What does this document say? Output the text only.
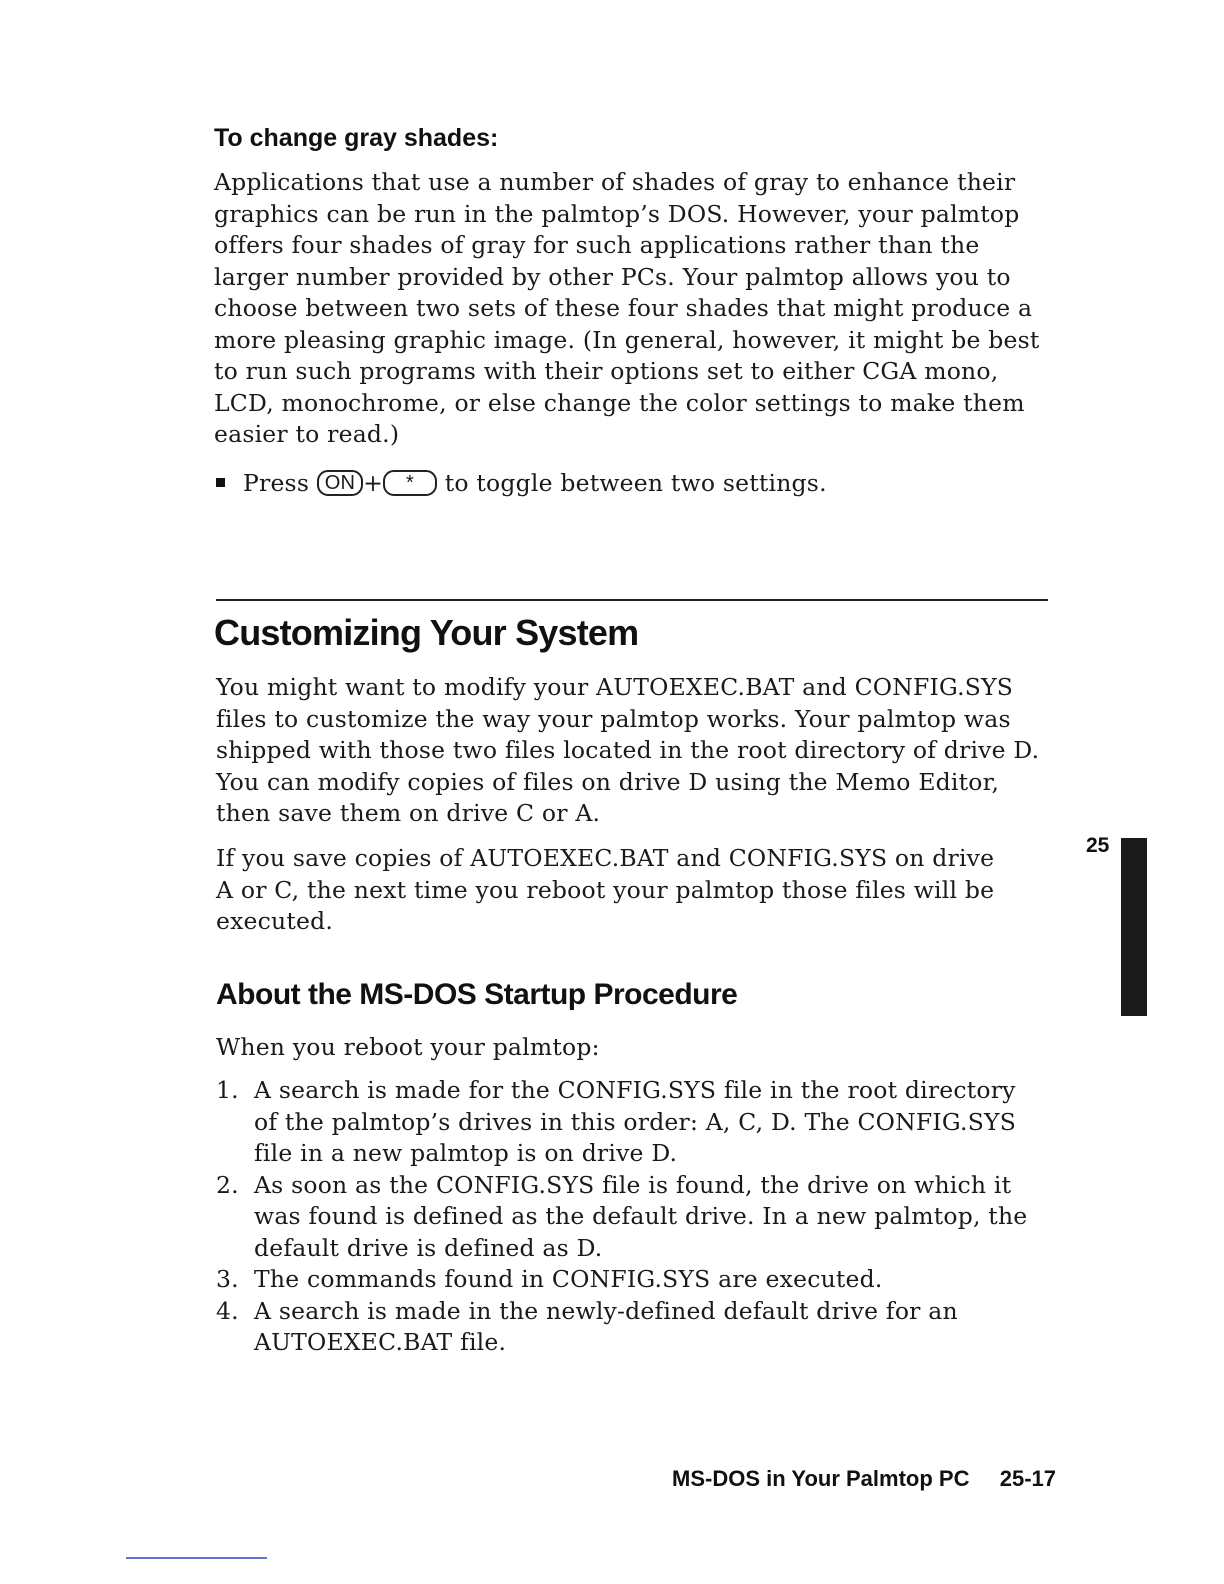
To change gray shades:

Applications that use a number of shades of gray to enhance their graphics can be run in the palmtop’s DOS. However, your palmtop offers four shades of gray for such applications rather than the larger number provided by other PCs. Your palmtop allows you to choose between two sets of these four shades that might produce a more pleasing graphic image. (In general, however, it might be best to run such programs with their options set to either CGA mono, LCD, monochrome, or else change the color settings to make them easier to read.)

Press ON + * to toggle between two settings.
Customizing Your System

You might want to modify your AUTOEXEC.BAT and CONFIG.SYS files to customize the way your palmtop works. Your palmtop was shipped with those two files located in the root directory of drive D. You can modify copies of files on drive D using the Memo Editor, then save them on drive C or A.

If you save copies of AUTOEXEC.BAT and CONFIG.SYS on drive A or C, the next time you reboot your palmtop those files will be executed.

25
About the MS-DOS Startup Procedure

When you reboot your palmtop:

1. A search is made for the CONFIG.SYS file in the root directory of the palmtop’s drives in this order: A, C, D. The CONFIG.SYS file in a new palmtop is on drive D.
2. As soon as the CONFIG.SYS file is found, the drive on which it was found is defined as the default drive. In a new palmtop, the default drive is defined as D.
3. The commands found in CONFIG.SYS are executed.
4. A search is made in the newly-defined default drive for an AUTOEXEC.BAT file.
MS-DOS in Your Palmtop PC 25-17
